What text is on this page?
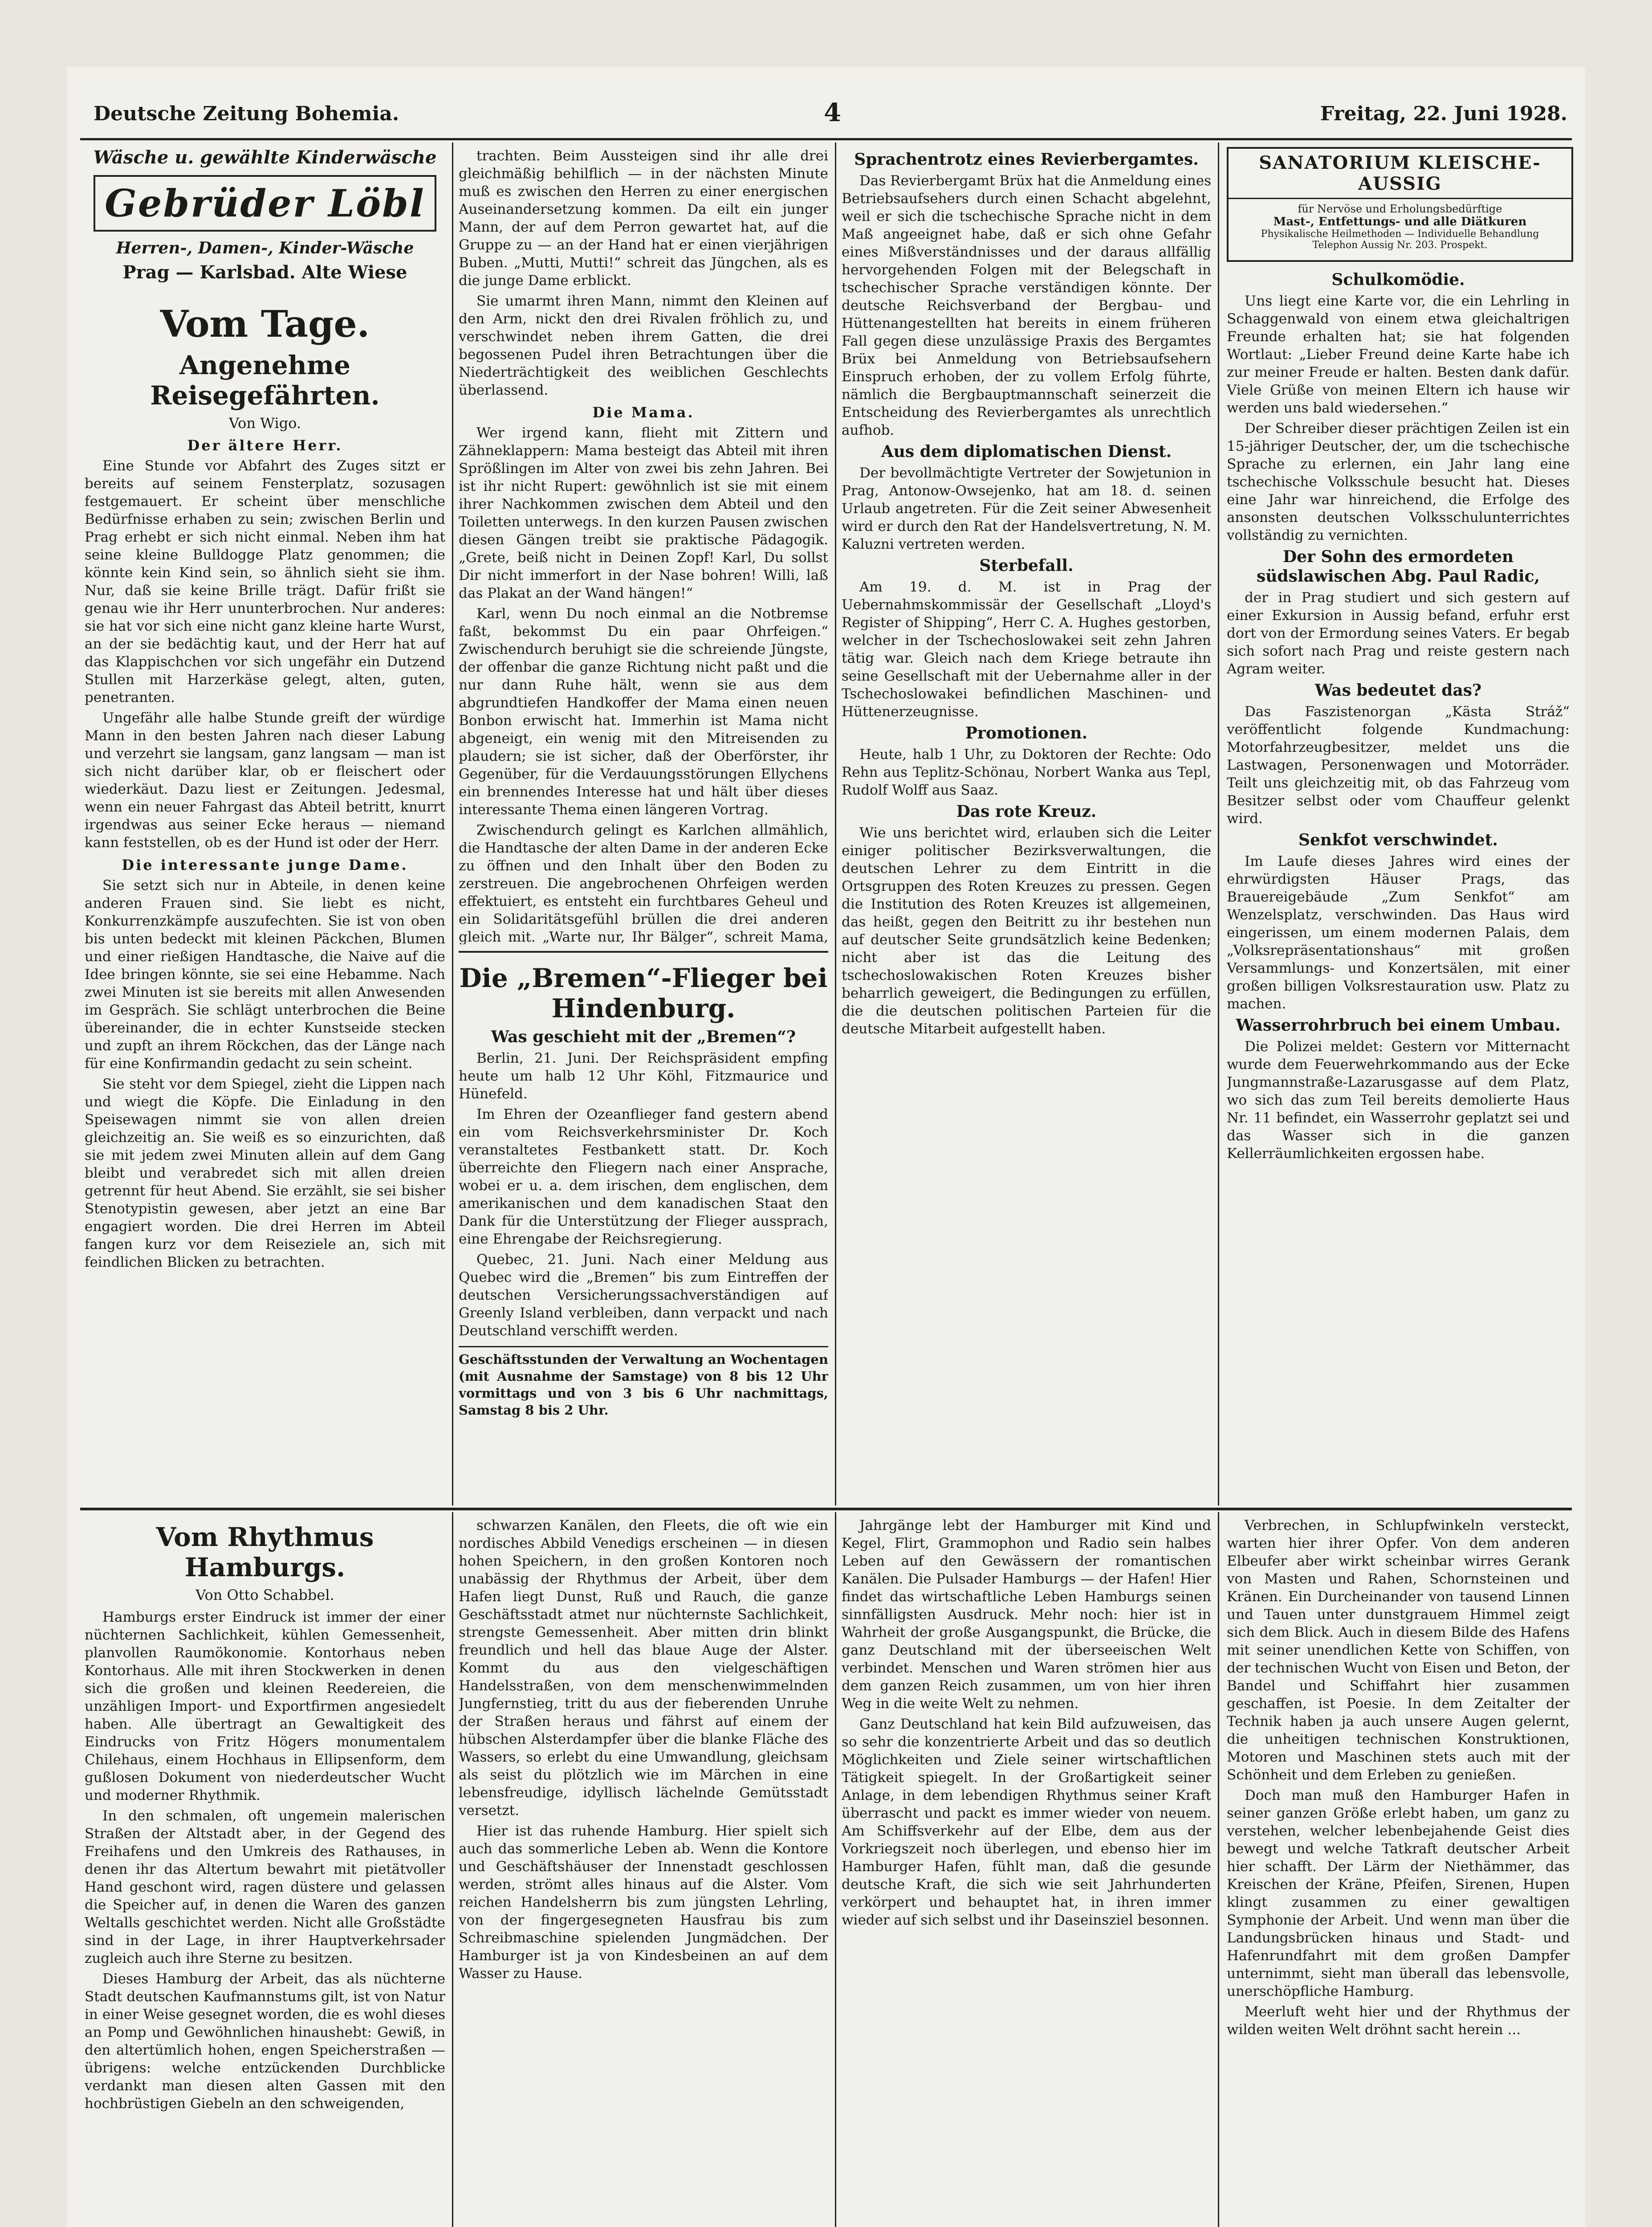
Deutsche Zeitung Bohemia.	4	Freitag, 22. Juni 1928.
Wäsche u. gewählte Kinderwäsche
Gebrüder Löbl
Herren-, Damen-, Kinder-Wäsche
Prag — Karlsbad. Alte Wiese
Vom Tage.
Angenehme Reisegefährten.
Von Wigo.
Der ältere Herr.

Eine Stunde vor Abfahrt des Zuges sitzt er bereits auf seinem Fensterplatz, sozusagen festgemauert. Er scheint über menschliche Bedürfnisse erhaben zu sein; zwischen Berlin und Prag erhebt er sich nicht einmal. Neben ihm hat seine kleine Bulldogge Platz genommen; die könnte kein Kind sein, so ähnlich sieht sie ihm. Nur, daß sie keine Brille trägt. Dafür frißt sie genau wie ihr Herr ununterbrochen. Nur anderes: sie hat vor sich eine nicht ganz kleine harte Wurst, an der sie bedächtig kaut, und der Herr hat auf das Klappischchen vor sich ungefähr ein Dutzend Stullen mit Harzerkäse gelegt, alten, guten, penetranten.

Ungefähr alle halbe Stunde greift der würdige Mann in den besten Jahren nach dieser Labung und verzehrt sie langsam, ganz langsam — man ist sich nicht darüber klar, ob er fleischert oder wiederkäut. Dazu liest er Zeitungen. Jedesmal, wenn ein neuer Fahrgast das Abteil betritt, knurrt irgendwas aus seiner Ecke heraus — niemand kann feststellen, ob es der Hund ist oder der Herr.

Die interessante junge Dame.

Sie setzt sich nur in Abteile, in denen keine anderen Frauen sind. Sie liebt es nicht, Konkurrenzkämpfe auszufechten. Sie ist von oben bis unten bedeckt mit kleinen Päckchen, Blumen und einer rießigen Handtasche, die Naive auf die Idee bringen könnte, sie sei eine Hebamme. Nach zwei Minuten ist sie bereits mit allen Anwesenden im Gespräch. Sie schlägt unterbrochen die Beine übereinander, die in echter Kunstseide stecken und zupft an ihrem Röckchen, das der Länge nach für eine Konfirmandin gedacht zu sein scheint.

Sie steht vor dem Spiegel, zieht die Lippen nach und wiegt die Köpfe. Die Einladung in den Speisewagen nimmt sie von allen dreien gleichzeitig an. Sie weiß es so einzurichten, daß sie mit jedem zwei Minuten allein auf dem Gang bleibt und verabredet sich mit allen dreien getrennt für heut Abend. Sie erzählt, sie sei bisher Stenotypistin gewesen, aber jetzt an eine Bar engagiert worden. Die drei Herren im Abteil fangen kurz vor dem Reiseziele an, sich mit feindlichen Blicken zu betrachten.

trachten. Beim Aussteigen sind ihr alle drei gleichmäßig behilflich — in der nächsten Minute muß es zwischen den Herren zu einer energischen Auseinandersetzung kommen. Da eilt ein junger Mann, der auf dem Perron gewartet hat, auf die Gruppe zu — an der Hand hat er einen vierjährigen Buben. „Mutti, Mutti!“ schreit das Jüngchen, als es die junge Dame erblickt.

Sie umarmt ihren Mann, nimmt den Kleinen auf den Arm, nickt den drei Rivalen fröhlich zu, und verschwindet neben ihrem Gatten, die drei begossenen Pudel ihren Betrachtungen über die Niederträchtigkeit des weiblichen Geschlechts überlassend.

Die Mama.

Wer irgend kann, flieht mit Zittern und Zähneklappern: Mama besteigt das Abteil mit ihren Sprößlingen im Alter von zwei bis zehn Jahren. Bei ist ihr nicht Rupert: gewöhnlich ist sie mit einem ihrer Nachkommen zwischen dem Abteil und den Toiletten unterwegs. In den kurzen Pausen zwischen diesen Gängen treibt sie praktische Pädagogik. „Grete, beiß nicht in Deinen Zopf! Karl, Du sollst Dir nicht immerfort in der Nase bohren! Willi, laß das Plakat an der Wand hängen!“

Karl, wenn Du noch einmal an die Notbremse faßt, bekommst Du ein paar Ohrfeigen.“ Zwischendurch beruhigt sie die schreiende Jüngste, der offenbar die ganze Richtung nicht paßt und die nur dann Ruhe hält, wenn sie aus dem abgrundtiefen Handkoffer der Mama einen neuen Bonbon erwischt hat. Immerhin ist Mama nicht abgeneigt, ein wenig mit den Mitreisenden zu plaudern; sie ist sicher, daß der Oberförster, ihr Gegenüber, für die Verdauungsstörungen Ellychens ein brennendes Interesse hat und hält über dieses interessante Thema einen längeren Vortrag.

Zwischendurch gelingt es Karlchen allmählich, die Handtasche der alten Dame in der anderen Ecke zu öffnen und den Inhalt über den Boden zu zerstreuen. Die angebrochenen Ohrfeigen werden effektuiert, es entsteht ein furchtbares Geheul und ein Solidaritätsgefühl brüllen die drei anderen gleich mit. „Warte nur, Ihr Bälger“, schreit Mama,

Die „Bremen“-Flieger bei Hindenburg.
Was geschieht mit der „Bremen“?

Berlin, 21. Juni. Der Reichspräsident empfing heute um halb 12 Uhr Köhl, Fitzmaurice und Hünefeld.

Im Ehren der Ozeanflieger fand gestern abend ein vom Reichsverkehrsminister Dr. Koch veranstaltetes Festbankett statt. Dr. Koch überreichte den Fliegern nach einer Ansprache, wobei er u. a. dem irischen, dem englischen, dem amerikanischen und dem kanadischen Staat den Dank für die Unterstützung der Flieger aussprach, eine Ehrengabe der Reichsregierung.

Quebec, 21. Juni. Nach einer Meldung aus Quebec wird die „Bremen“ bis zum Eintreffen der deutschen Versicherungssachverständigen auf Greenly Island verbleiben, dann verpackt und nach Deutschland verschifft werden.

Geschäftsstunden der Verwaltung an Wochentagen (mit Ausnahme der Samstage) von 8 bis 12 Uhr vormittags und von 3 bis 6 Uhr nachmittags, Samstag 8 bis 2 Uhr.
Sprachentrotz eines Revierbergamtes.

Das Revierbergamt Brüx hat die Anmeldung eines Betriebsaufsehers durch einen Schacht abgelehnt, weil er sich die tschechische Sprache nicht in dem Maß angeeignet habe, daß er sich ohne Gefahr eines Mißverständnisses und der daraus allfällig hervorgehenden Folgen mit der Belegschaft in tschechischer Sprache verständigen könnte. Der deutsche Reichsverband der Bergbau- und Hüttenangestellten hat bereits in einem früheren Fall gegen diese unzulässige Praxis des Bergamtes Brüx bei Anmeldung von Betriebsaufsehern Einspruch erhoben, der zu vollem Erfolg führte, nämlich die Bergbauptmannschaft seinerzeit die Entscheidung des Revierbergamtes als unrechtlich aufhob.

Aus dem diplomatischen Dienst.

Der bevollmächtigte Vertreter der Sowjetunion in Prag, Antonow-Owsejenko, hat am 18. d. seinen Urlaub angetreten. Für die Zeit seiner Abwesenheit wird er durch den Rat der Handelsvertretung, N. M. Kaluzni vertreten werden.

Sterbefall.

Am 19. d. M. ist in Prag der Uebernahmskommissär der Gesellschaft „Lloyd's Register of Shipping“, Herr C. A. Hughes gestorben, welcher in der Tschechoslowakei seit zehn Jahren tätig war. Gleich nach dem Kriege betraute ihn seine Gesellschaft mit der Uebernahme aller in der Tschechoslowakei befindlichen Maschinen- und Hüttenerzeugnisse.

Promotionen.

Heute, halb 1 Uhr, zu Doktoren der Rechte: Odo Rehn aus Teplitz-Schönau, Norbert Wanka aus Tepl, Rudolf Wolff aus Saaz.

Das rote Kreuz.

Wie uns berichtet wird, erlauben sich die Leiter einiger politischer Bezirksverwaltungen, die deutschen Lehrer zu dem Eintritt in die Ortsgruppen des Roten Kreuzes zu pressen. Gegen die Institution des Roten Kreuzes ist allgemeinen, das heißt, gegen den Beitritt zu ihr bestehen nun auf deutscher Seite grundsätzlich keine Bedenken; nicht aber ist das die Leitung des tschechoslowakischen Roten Kreuzes bisher beharrlich geweigert, die Bedingungen zu erfüllen, die die deutschen politischen Parteien für die deutsche Mitarbeit aufgestellt haben.

SANATORIUM KLEISCHE-AUSSIG
für Nervöse und Erholungsbedürftige
Mast-, Entfettungs- und alle Diätkuren
Physikalische Heilmethoden — Individuelle Behandlung
Telephon Aussig Nr. 203. Prospekt.
Schulkomödie.

Uns liegt eine Karte vor, die ein Lehrling in Schaggenwald von einem etwa gleichaltrigen Freunde erhalten hat; sie hat folgenden Wortlaut: „Lieber Freund deine Karte habe ich zur meiner Freude er halten. Besten dank dafür. Viele Grüße von meinen Eltern ich hause wir werden uns bald wiedersehen.“

Der Schreiber dieser prächtigen Zeilen ist ein 15-jähriger Deutscher, der, um die tschechische Sprache zu erlernen, ein Jahr lang eine tschechische Volksschule besucht hat. Dieses eine Jahr war hinreichend, die Erfolge des ansonsten deutschen Volksschulunterrichtes vollständig zu vernichten.

Der Sohn des ermordeten südslawischen Abg. Paul Radic,

der in Prag studiert und sich gestern auf einer Exkursion in Aussig befand, erfuhr erst dort von der Ermordung seines Vaters. Er begab sich sofort nach Prag und reiste gestern nach Agram weiter.

Was bedeutet das?

Das Faszistenorgan „Kästa Stráž“ veröffentlicht folgende Kundmachung: Motorfahrzeugbesitzer, meldet uns die Lastwagen, Personenwagen und Motorräder. Teilt uns gleichzeitig mit, ob das Fahrzeug vom Besitzer selbst oder vom Chauffeur gelenkt wird.

Senkfot verschwindet.

Im Laufe dieses Jahres wird eines der ehrwürdigsten Häuser Prags, das Brauereigebäude „Zum Senkfot“ am Wenzelsplatz, verschwinden. Das Haus wird eingerissen, um einem modernen Palais, dem „Volksrepräsentationshaus“ mit großen Versammlungs- und Konzertsälen, mit einer großen billigen Volksrestauration usw. Platz zu machen.

Wasserrohrbruch bei einem Umbau.

Die Polizei meldet: Gestern vor Mitternacht wurde dem Feuerwehrkommando aus der Ecke Jungmannstraße-Lazarusgasse auf dem Platz, wo sich das zum Teil bereits demolierte Haus Nr. 11 befindet, ein Wasserrohr geplatzt sei und das Wasser sich in die ganzen Kellerräumlichkeiten ergossen habe.

Vom Rhythmus Hamburgs.
Von Otto Schabbel.

Hamburgs erster Eindruck ist immer der einer nüchternen Sachlichkeit, kühlen Gemessenheit, planvollen Raumökonomie. Kontorhaus neben Kontorhaus. Alle mit ihren Stockwerken in denen sich die großen und kleinen Reedereien, die unzähligen Import- und Exportfirmen angesiedelt haben. Alle übertragt an Gewaltigkeit des Eindrucks von Fritz Högers monumentalem Chilehaus, einem Hochhaus in Ellipsenform, dem gußlosen Dokument von niederdeutscher Wucht und moderner Rhythmik.

In den schmalen, oft ungemein malerischen Straßen der Altstadt aber, in der Gegend des Freihafens und den Umkreis des Rathauses, in denen ihr das Altertum bewahrt mit pietätvoller Hand geschont wird, ragen düstere und gelassen die Speicher auf, in denen die Waren des ganzen Weltalls geschichtet werden. Nicht alle Großstädte sind in der Lage, in ihrer Hauptverkehrsader zugleich auch ihre Sterne zu besitzen.

Dieses Hamburg der Arbeit, das als nüchterne Stadt deutschen Kaufmannstums gilt, ist von Natur in einer Weise gesegnet worden, die es wohl dieses an Pomp und Gewöhnlichen hinaushebt: Gewiß, in den altertümlich hohen, engen Speicherstraßen — übrigens: welche entzückenden Durchblicke verdankt man diesen alten Gassen mit den hochbrüstigen Giebeln an den schweigenden,

schwarzen Kanälen, den Fleets, die oft wie ein nordisches Abbild Venedigs erscheinen — in diesen hohen Speichern, in den großen Kontoren noch unabässig der Rhythmus der Arbeit, über dem Hafen liegt Dunst, Ruß und Rauch, die ganze Geschäftsstadt atmet nur nüchternste Sachlichkeit, strengste Gemessenheit. Aber mitten drin blinkt freundlich und hell das blaue Auge der Alster. Kommt du aus den vielgeschäftigen Handelsstraßen, von dem menschenwimmelnden Jungfernstieg, tritt du aus der fieberenden Unruhe der Straßen heraus und fährst auf einem der hübschen Alsterdampfer über die blanke Fläche des Wassers, so erlebt du eine Umwandlung, gleichsam als seist du plötzlich wie im Märchen in eine lebensfreudige, idyllisch lächelnde Gemütsstadt versetzt.

Hier ist das ruhende Hamburg. Hier spielt sich auch das sommerliche Leben ab. Wenn die Kontore und Geschäftshäuser der Innenstadt geschlossen werden, strömt alles hinaus auf die Alster. Vom reichen Handelsherrn bis zum jüngsten Lehrling, von der fingergesegneten Hausfrau bis zum Schreibmaschine spielenden Jungmädchen. Der Hamburger ist ja von Kindesbeinen an auf dem Wasser zu Hause.

Jahrgänge lebt der Hamburger mit Kind und Kegel, Flirt, Grammophon und Radio sein halbes Leben auf den Gewässern der romantischen Kanälen. Die Pulsader Hamburgs — der Hafen! Hier findet das wirtschaftliche Leben Hamburgs seinen sinnfälligsten Ausdruck. Mehr noch: hier ist in Wahrheit der große Ausgangspunkt, die Brücke, die ganz Deutschland mit der überseeischen Welt verbindet. Menschen und Waren strömen hier aus dem ganzen Reich zusammen, um von hier ihren Weg in die weite Welt zu nehmen.

Ganz Deutschland hat kein Bild aufzuweisen, das so sehr die konzentrierte Arbeit und das so deutlich Möglichkeiten und Ziele seiner wirtschaftlichen Tätigkeit spiegelt. In der Großartigkeit seiner Anlage, in dem lebendigen Rhythmus seiner Kraft überrascht und packt es immer wieder von neuem. Am Schiffsverkehr auf der Elbe, dem aus der Vorkriegszeit noch überlegen, und ebenso hier im Hamburger Hafen, fühlt man, daß die gesunde deutsche Kraft, die sich wie seit Jahrhunderten verkörpert und behauptet hat, in ihren immer wieder auf sich selbst und ihr Daseinsziel besonnen.

Verbrechen, in Schlupfwinkeln versteckt, warten hier ihrer Opfer. Von dem anderen Elbeufer aber wirkt scheinbar wirres Gerank von Masten und Rahen, Schornsteinen und Kränen. Ein Durcheinander von tausend Linnen und Tauen unter dunstgrauem Himmel zeigt sich dem Blick. Auch in diesem Bilde des Hafens mit seiner unendlichen Kette von Schiffen, von der technischen Wucht von Eisen und Beton, der Bandel und Schiffahrt hier zusammen geschaffen, ist Poesie. In dem Zeitalter der Technik haben ja auch unsere Augen gelernt, die unheitigen technischen Konstruktionen, Motoren und Maschinen stets auch mit der Schönheit und dem Erleben zu genießen.

Doch man muß den Hamburger Hafen in seiner ganzen Größe erlebt haben, um ganz zu verstehen, welcher lebenbejahende Geist dies bewegt und welche Tatkraft deutscher Arbeit hier schafft. Der Lärm der Niethämmer, das Kreischen der Kräne, Pfeifen, Sirenen, Hupen klingt zusammen zu einer gewaltigen Symphonie der Arbeit. Und wenn man über die Landungsbrücken hinaus und Stadt- und Hafenrundfahrt mit dem großen Dampfer unternimmt, sieht man überall das lebensvolle, unerschöpfliche Hamburg.

Meerluft weht hier und der Rhythmus der wilden weiten Welt dröhnt sacht herein ...
